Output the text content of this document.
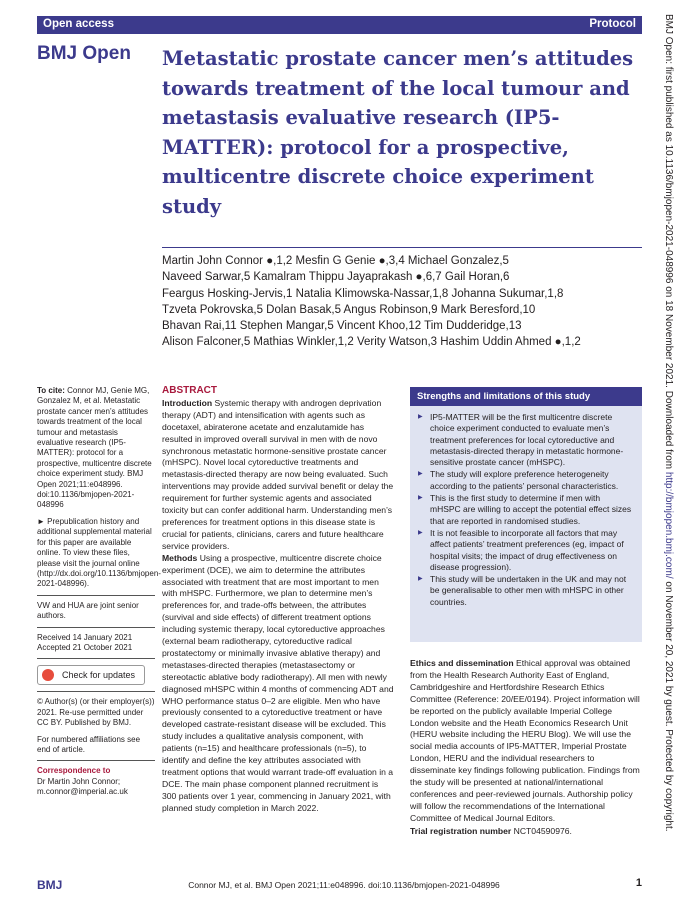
Open access	Protocol
BMJ Open Metastatic prostate cancer men’s attitudes towards treatment of the local tumour and metastasis evaluative research (IP5-MATTER): protocol for a prospective, multicentre discrete choice experiment study
Martin John Connor ●,1,2 Mesfin G Genie ●,3,4 Michael Gonzalez,5
Naveed Sarwar,5 Kamalram Thippu Jayaprakash ●,6,7 Gail Horan,6
Feargus Hosking-Jervis,1 Natalia Klimowska-Nassar,1,8 Johanna Sukumar,1,8
Tzveta Pokrovska,5 Dolan Basak,5 Angus Robinson,9 Mark Beresford,10
Bhavan Rai,11 Stephen Mangar,5 Vincent Khoo,12 Tim Dudderidge,13
Alison Falconer,5 Mathias Winkler,1,2 Verity Watson,3 Hashim Uddin Ahmed ●,1,2
To cite: Connor MJ, Genie MG, Gonzalez M, et al. Metastatic prostate cancer men’s attitudes towards treatment of the local tumour and metastasis evaluative research (IP5-MATTER): protocol for a prospective, multicentre discrete choice experiment study. BMJ Open 2021;11:e048996. doi:10.1136/bmjopen-2021-048996
► Prepublication history and additional supplemental material for this paper are available online. To view these files, please visit the journal online (http://dx.doi.org/10.1136/bmjopen-2021-048996).
VW and HUA are joint senior authors.
Received 14 January 2021
Accepted 21 October 2021
Check for updates
© Author(s) (or their employer(s)) 2021. Re-use permitted under CC BY. Published by BMJ.
For numbered affiliations see end of article.
Correspondence to
Dr Martin John Connor;
m.connor@imperial.ac.uk
ABSTRACT
Introduction Systemic therapy with androgen deprivation therapy (ADT) and intensification with agents such as docetaxel, abiraterone acetate and enzalutamide has resulted in improved overall survival in men with de novo synchronous metastatic hormone-sensitive prostate cancer (mHSPC). Novel local cytoreductive treatments and metastasis-directed therapy are now being evaluated. Such interventions may provide added survival benefit or delay the requirement for further systemic agents and associated toxicity but can confer additional harm. Understanding men’s preferences for treatment options in this disease state is crucial for patients, clinicians, carers and future healthcare service providers.
Methods Using a prospective, multicentre discrete choice experiment (DCE), we aim to determine the attributes associated with treatment that are most important to men with mHSPC. Furthermore, we plan to determine men’s preferences for, and trade-offs between, the attributes (survival and side effects) of different treatment options including systemic therapy, local cytoreductive approaches (external beam radiotherapy, cytoreductive radical prostatectomy or minimally invasive ablative therapy) and metastases-directed therapies (metastasectomy or stereotactic ablative body radiotherapy). All men with newly diagnosed mHSPC within 4 months of commencing ADT and WHO performance status 0–2 are eligible. Men who have previously consented to a cytoreductive treatment or have developed castrate-resistant disease will be excluded. This study includes a qualitative analysis component, with patients (n=15) and healthcare professionals (n=5), to identify and define the key attributes associated with treatment options that would warrant trade-off evaluation in a DCE. The main phase component planned recruitment is 300 patients over 1 year, commencing in January 2021, with planned study completion in March 2022.
Strengths and limitations of this study
▶ IP5-MATTER will be the first multicentre discrete choice experiment conducted to evaluate men’s treatment preferences for local cytoreductive and metastasis-directed therapy in metastatic hormone-sensitive prostate cancer (mHSPC).
▶ The study will explore preference heterogeneity according to the patients’ personal characteristics.
▶ This is the first study to determine if men with mHSPC are willing to accept the potential effect sizes that are reported in randomised studies.
▶ It is not feasible to incorporate all factors that may affect patients’ treatment preferences (eg, impact of hospital visits; the impact of drug effectiveness on disease progression).
▶ This study will be undertaken in the UK and may not be generalisable to other men with mHSPC in other countries.
Ethics and dissemination Ethical approval was obtained from the Health Research Authority East of England, Cambridgeshire and Hertfordshire Research Ethics Committee (Reference: 20/EE/0194). Project information will be reported on the publicly available Imperial College London website and the Heath Economics Research Unit (HERU website including the HERU Blog). We will use the social media accounts of IP5-MATTER, Imperial Prostate London, HERU and the individual researchers to disseminate key findings following publication. Findings from the study will be presented at national/international conferences and peer-reviewed journals. Authorship policy will follow the recommendations of the International Committee of Medical Journal Editors.
Trial registration number NCT04590976.
BMJ	Connor MJ, et al. BMJ Open 2021;11:e048996. doi:10.1136/bmjopen-2021-048996	1
BMJ Open: first published as 10.1136/bmjopen-2021-048996 on 18 November 2021. Downloaded from http://bmjopen.bmj.com/ on November 20, 2021 by guest. Protected by copyright.
